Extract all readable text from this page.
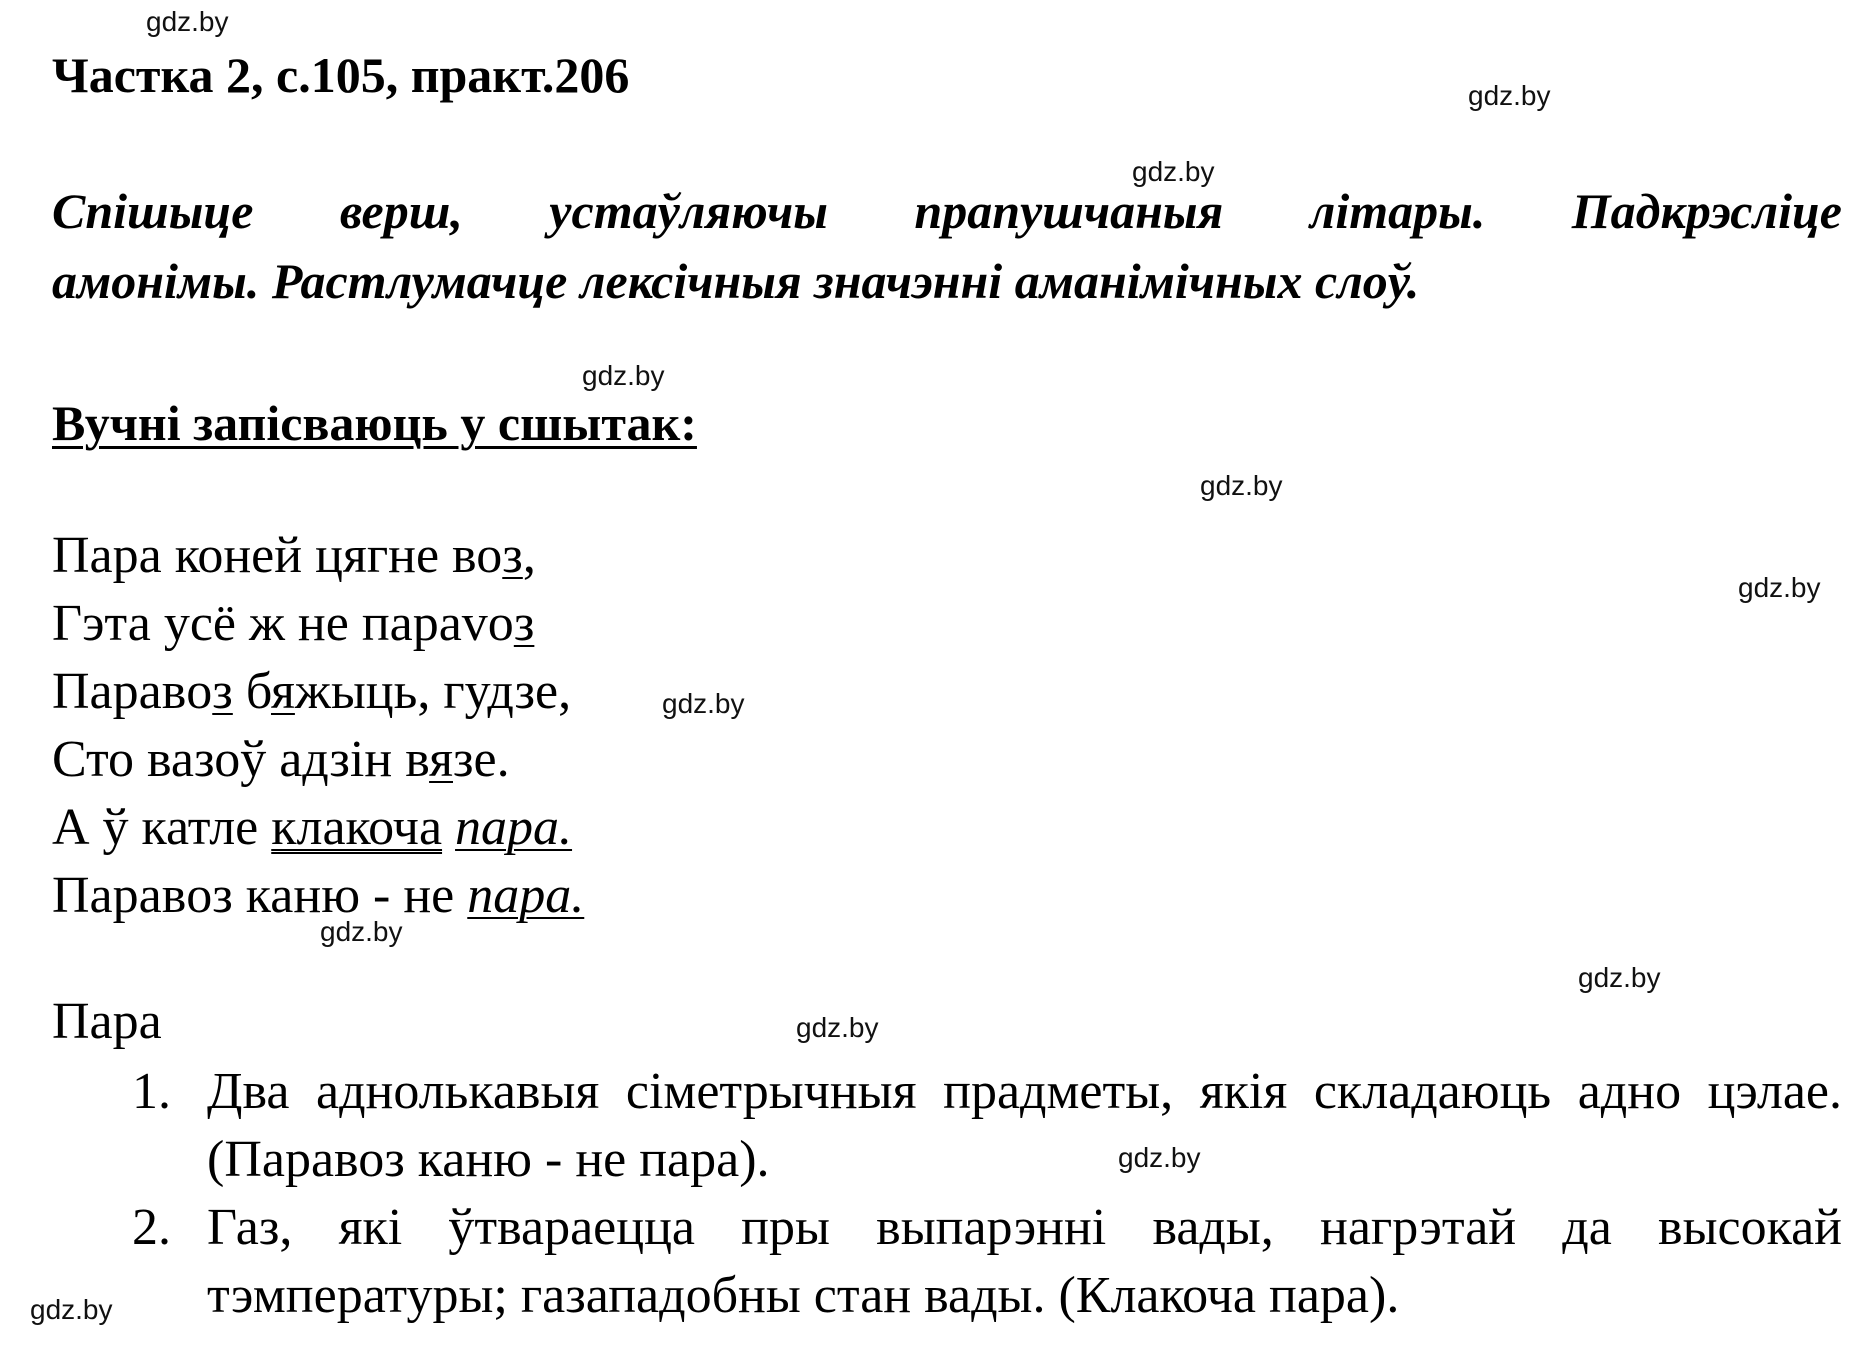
gdz.by
gdz.by
gdz.by
gdz.by
gdz.by
gdz.by
gdz.by
gdz.by
gdz.by
gdz.by
gdz.by
gdz.by
Частка 2, с.105, практ.206
Спішыце верш, устаўляючы прапушчаныя літары. Падкрэсліце
амонімы. Растлумачце лексічныя значэнні аманімічных слоў.
Вучні запісваюць у сшытак:
Пара коней цягне воз,
Гэта усё ж не парavoз
Паравoз бяжыць, гудзе,
Сто вазоў адзін вязе.
А ў катле клакоча пара.
Паравoз каню - не пара.
Пара
1. Два аднолькавыя сіметрычныя прадметы, якія складаюць адно цэлае.(Паравоз каню - не пара).
2. Газ, які ўтвараецца пры выпарэнні вады, нагрэтай да высокай тэмпературы; газападобны стан вады. (Клакоча пара).
